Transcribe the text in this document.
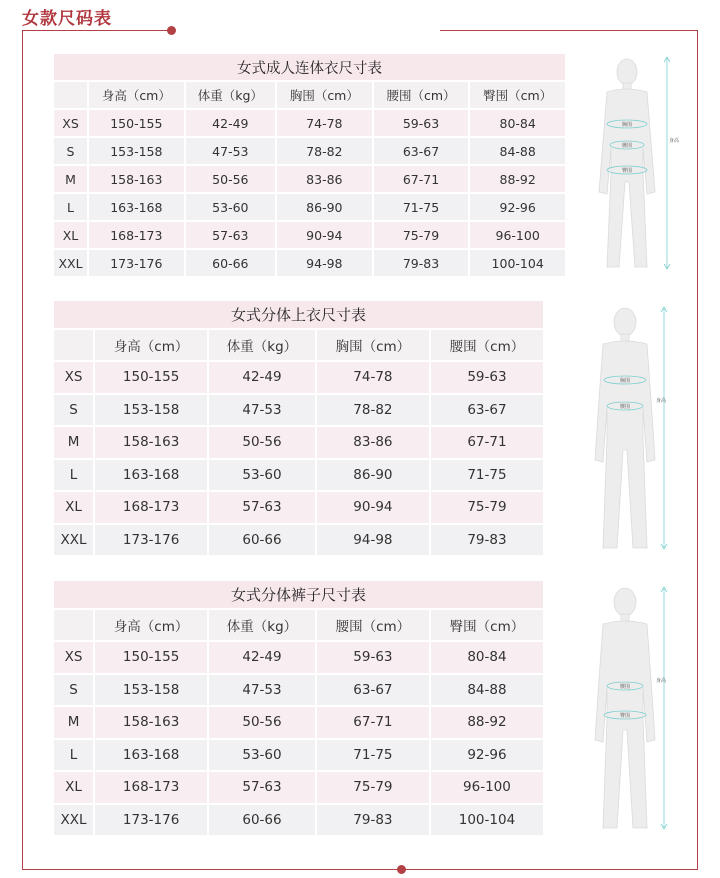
女款尺码表
女式成人连体衣尺寸表					
	身高（cm）	体重（kg）	胸围（cm）	腰围（cm）	臀围（cm）
XS	150-155	42-49	74-78	59-63	80-84
S	153-158	47-53	78-82	63-67	84-88
M	158-163	50-56	83-86	67-71	88-92
L	163-168	53-60	86-90	71-75	92-96
XL	168-173	57-63	90-94	75-79	96-100
XXL	173-176	60-66	94-98	79-83	100-104
女式分体上衣尺寸表				
	身高（cm）	体重（kg）	胸围（cm）	腰围（cm）
XS	150-155	42-49	74-78	59-63
S	153-158	47-53	78-82	63-67
M	158-163	50-56	83-86	67-71
L	163-168	53-60	86-90	71-75
XL	168-173	57-63	90-94	75-79
XXL	173-176	60-66	94-98	79-83
女式分体裤子尺寸表				
	身高（cm）	体重（kg）	腰围（cm）	臀围（cm）
XS	150-155	42-49	59-63	80-84
S	153-158	47-53	63-67	84-88
M	158-163	50-56	67-71	88-92
L	163-168	53-60	71-75	92-96
XL	168-173	57-63	75-79	96-100
XXL	173-176	60-66	79-83	100-104
胸围
腰围
臀围
身高
胸围
腰围
身高
腰围
臀围
身高
